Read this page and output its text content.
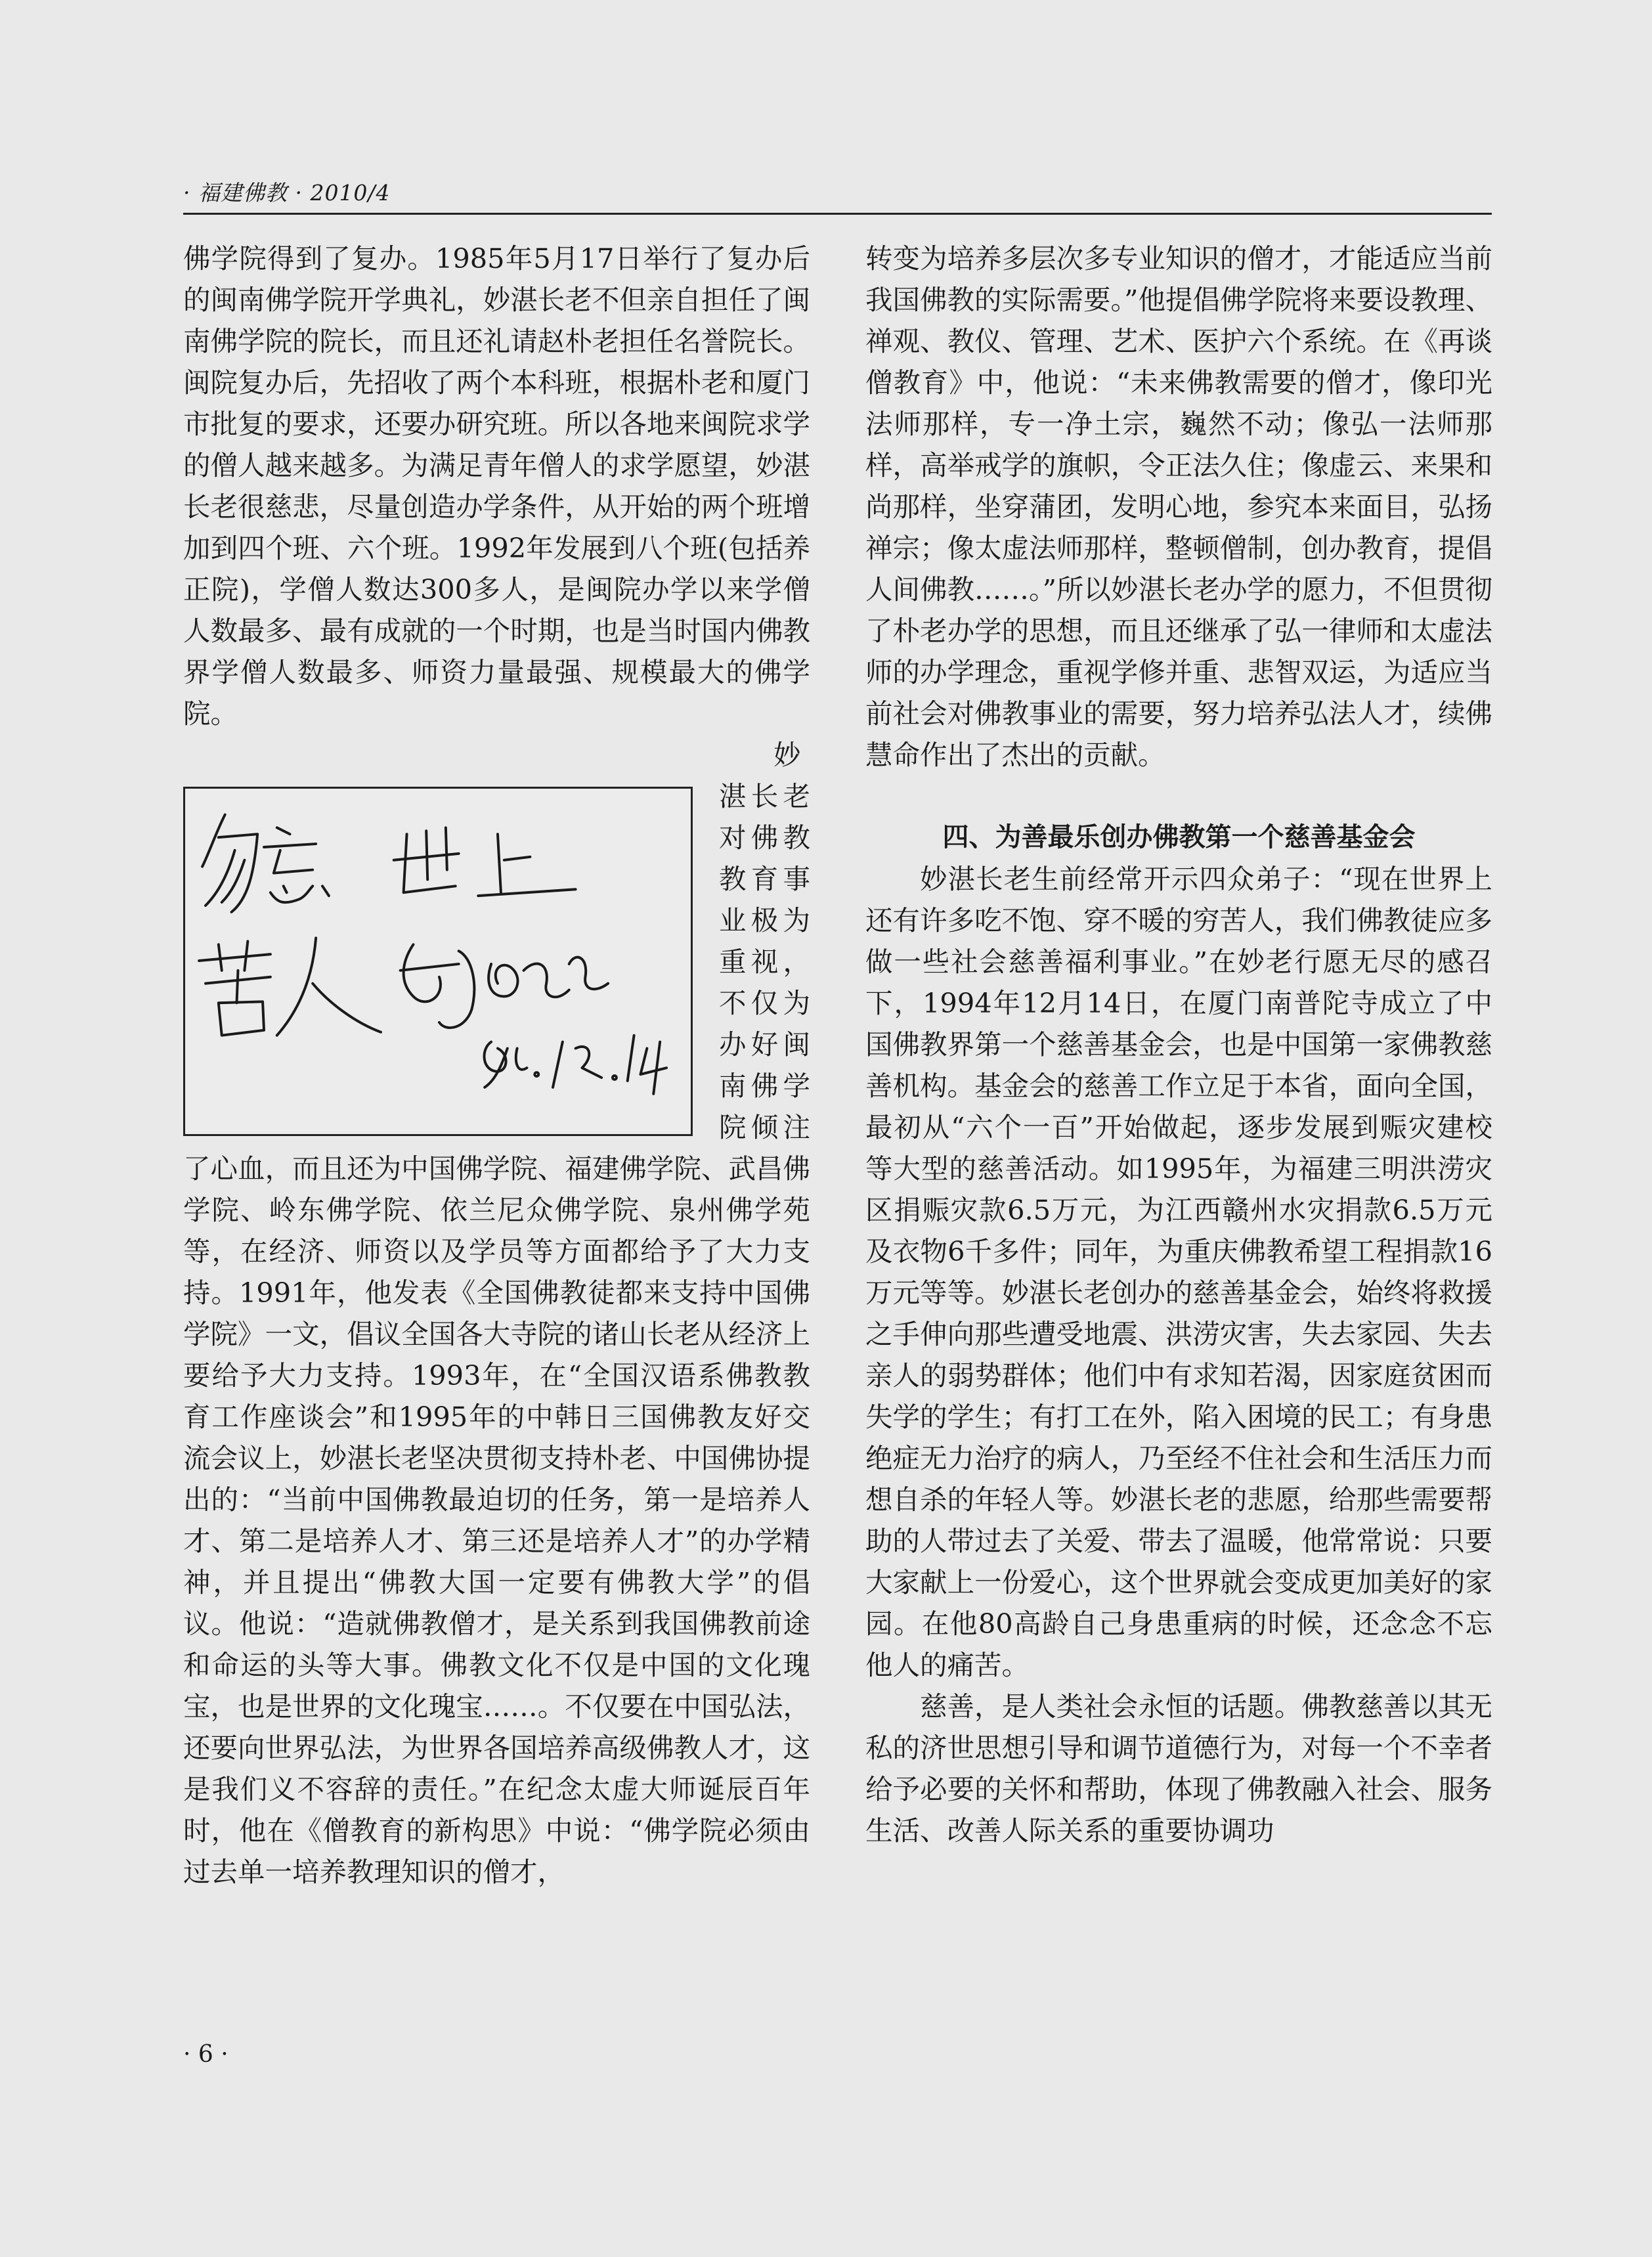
· 福建佛教 · 2010/4

佛学院得到了复办。1985年5月17日举行了复办后的闽南佛学院开学典礼，妙湛长老不但亲自担任了闽南佛学院的院长，而且还礼请赵朴老担任名誉院长。闽院复办后，先招收了两个本科班，根据朴老和厦门市批复的要求，还要办研究班。所以各地来闽院求学的僧人越来越多。为满足青年僧人的求学愿望，妙湛长老很慈悲，尽量创造办学条件，从开始的两个班增加到四个班、六个班。1992年发展到八个班(包括养正院)，学僧人数达300多人，是闽院办学以来学僧人数最多、最有成就的一个时期，也是当时国内佛教界学僧人数最多、师资力量最强、规模最大的佛学院。

妙湛长老对佛教教育事业极为重视，不仅为办好闽南佛学院倾注了心血，而且还为中国佛学院、福建佛学院、武昌佛学院、岭东佛学院、依兰尼众佛学院、泉州佛学苑等，在经济、师资以及学员等方面都给予了大力支持。1991年，他发表《全国佛教徒都来支持中国佛学院》一文，倡议全国各大寺院的诸山长老从经济上要给予大力支持。1993年，在“全国汉语系佛教教育工作座谈会”和1995年的中韩日三国佛教友好交流会议上，妙湛长老坚决贯彻支持朴老、中国佛协提出的：“当前中国佛教最迫切的任务，第一是培养人才、第二是培养人才、第三还是培养人才”的办学精神，并且提出“佛教大国一定要有佛教大学”的倡议。他说：“造就佛教僧才，是关系到我国佛教前途和命运的头等大事。佛教文化不仅是中国的文化瑰宝，也是世界的文化瑰宝……。不仅要在中国弘法，还要向世界弘法，为世界各国培养高级佛教人才，这是我们义不容辞的责任。”在纪念太虚大师诞辰百年时，他在《僧教育的新构思》中说：“佛学院必须由过去单一培养教理知识的僧才，

转变为培养多层次多专业知识的僧才，才能适应当前我国佛教的实际需要。”他提倡佛学院将来要设教理、禅观、教仪、管理、艺术、医护六个系统。在《再谈僧教育》中，他说：“未来佛教需要的僧才，像印光法师那样，专一净土宗，巍然不动；像弘一法师那样，高举戒学的旗帜，令正法久住；像虚云、来果和尚那样，坐穿蒲团，发明心地，参究本来面目，弘扬禅宗；像太虚法师那样，整顿僧制，创办教育，提倡人间佛教……。”所以妙湛长老办学的愿力，不但贯彻了朴老办学的思想，而且还继承了弘一律师和太虚法师的办学理念，重视学修并重、悲智双运，为适应当前社会对佛教事业的需要，努力培养弘法人才，续佛慧命作出了杰出的贡献。

四、为善最乐创办佛教第一个慈善基金会

妙湛长老生前经常开示四众弟子：“现在世界上还有许多吃不饱、穿不暖的穷苦人，我们佛教徒应多做一些社会慈善福利事业。”在妙老行愿无尽的感召下，1994年12月14日，在厦门南普陀寺成立了中国佛教界第一个慈善基金会，也是中国第一家佛教慈善机构。基金会的慈善工作立足于本省，面向全国，最初从“六个一百”开始做起，逐步发展到赈灾建校等大型的慈善活动。如1995年，为福建三明洪涝灾区捐赈灾款6.5万元，为江西赣州水灾捐款6.5万元及衣物6千多件；同年，为重庆佛教希望工程捐款16万元等等。妙湛长老创办的慈善基金会，始终将救援之手伸向那些遭受地震、洪涝灾害，失去家园、失去亲人的弱势群体；他们中有求知若渴，因家庭贫困而失学的学生；有打工在外，陷入困境的民工；有身患绝症无力治疗的病人，乃至经不住社会和生活压力而想自杀的年轻人等。妙湛长老的悲愿，给那些需要帮助的人带过去了关爱、带去了温暖，他常常说：只要大家献上一份爱心，这个世界就会变成更加美好的家园。在他80高龄自己身患重病的时候，还念念不忘他人的痛苦。

慈善，是人类社会永恒的话题。佛教慈善以其无私的济世思想引导和调节道德行为，对每一个不幸者给予必要的关怀和帮助，体现了佛教融入社会、服务生活、改善人际关系的重要协调功

· 6 ·
